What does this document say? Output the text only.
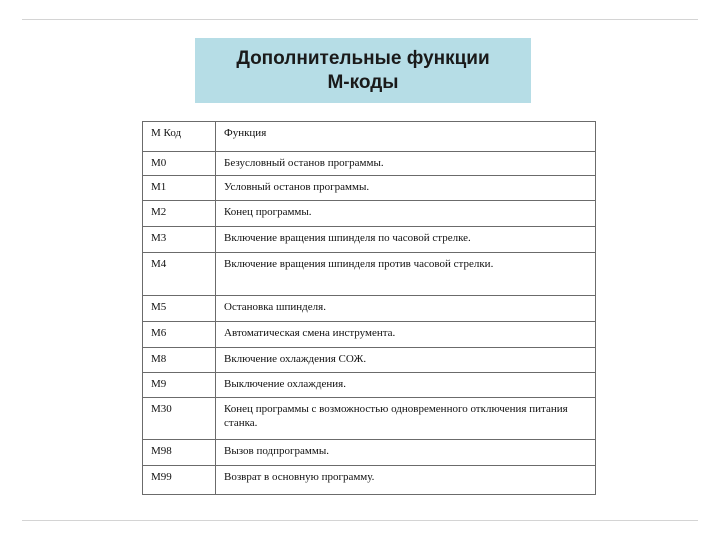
Дополнительные функции
М-коды
M Код	Функция
M0	Безусловный останов программы.
M1	Условный останов программы.
M2	Конец программы.
M3	Включение вращения шпинделя по часовой стрелке.
M4	Включение вращения шпинделя против часовой стрелки.
M5	Остановка шпинделя.
M6	Автоматическая смена инструмента.
M8	Включение охлаждения СОЖ.
M9	Выключение охлаждения.
M30	Конец программы с возможностью одновременного отключения питания станка.
M98	Вызов подпрограммы.
M99	Возврат в основную программу.
